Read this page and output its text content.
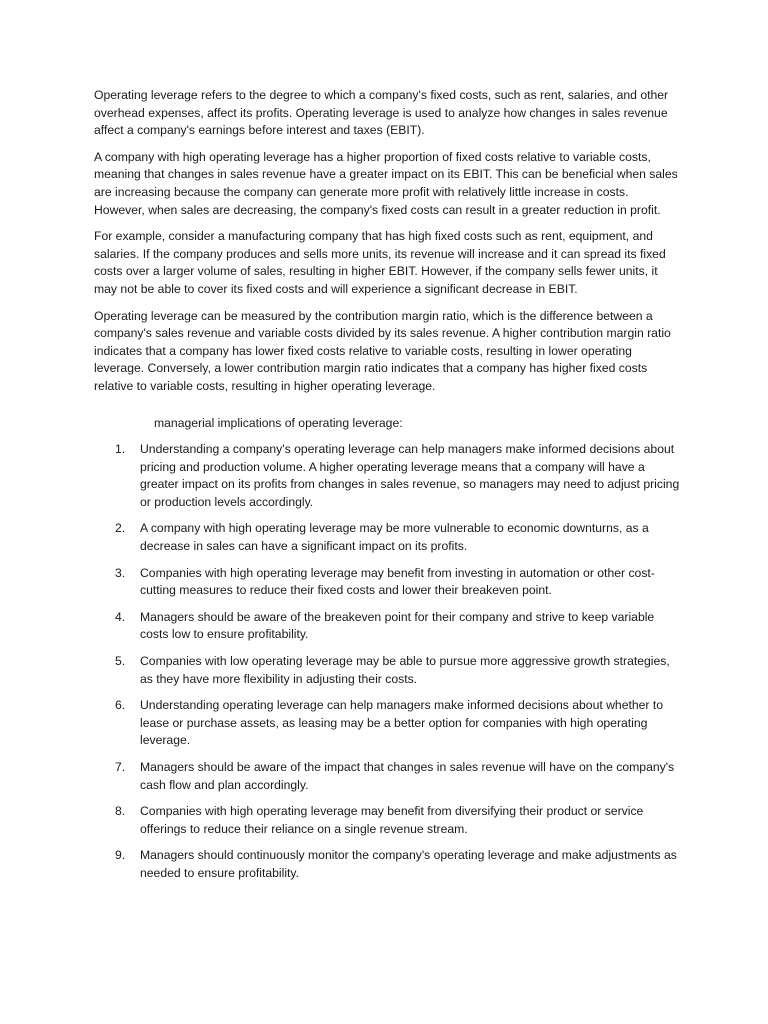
Operating leverage refers to the degree to which a company's fixed costs, such as rent, salaries, and other overhead expenses, affect its profits. Operating leverage is used to analyze how changes in sales revenue affect a company's earnings before interest and taxes (EBIT).

A company with high operating leverage has a higher proportion of fixed costs relative to variable costs, meaning that changes in sales revenue have a greater impact on its EBIT. This can be beneficial when sales are increasing because the company can generate more profit with relatively little increase in costs. However, when sales are decreasing, the company's fixed costs can result in a greater reduction in profit.

For example, consider a manufacturing company that has high fixed costs such as rent, equipment, and salaries. If the company produces and sells more units, its revenue will increase and it can spread its fixed costs over a larger volume of sales, resulting in higher EBIT. However, if the company sells fewer units, it may not be able to cover its fixed costs and will experience a significant decrease in EBIT.

Operating leverage can be measured by the contribution margin ratio, which is the difference between a company's sales revenue and variable costs divided by its sales revenue. A higher contribution margin ratio indicates that a company has lower fixed costs relative to variable costs, resulting in lower operating leverage. Conversely, a lower contribution margin ratio indicates that a company has higher fixed costs relative to variable costs, resulting in higher operating leverage.

managerial implications of operating leverage:
1. Understanding a company's operating leverage can help managers make informed decisions about pricing and production volume. A higher operating leverage means that a company will have a greater impact on its profits from changes in sales revenue, so managers may need to adjust pricing or production levels accordingly.
2. A company with high operating leverage may be more vulnerable to economic downturns, as a decrease in sales can have a significant impact on its profits.
3. Companies with high operating leverage may benefit from investing in automation or other cost-cutting measures to reduce their fixed costs and lower their breakeven point.
4. Managers should be aware of the breakeven point for their company and strive to keep variable costs low to ensure profitability.
5. Companies with low operating leverage may be able to pursue more aggressive growth strategies, as they have more flexibility in adjusting their costs.
6. Understanding operating leverage can help managers make informed decisions about whether to lease or purchase assets, as leasing may be a better option for companies with high operating leverage.
7. Managers should be aware of the impact that changes in sales revenue will have on the company's cash flow and plan accordingly.
8. Companies with high operating leverage may benefit from diversifying their product or service offerings to reduce their reliance on a single revenue stream.
9. Managers should continuously monitor the company's operating leverage and make adjustments as needed to ensure profitability.
